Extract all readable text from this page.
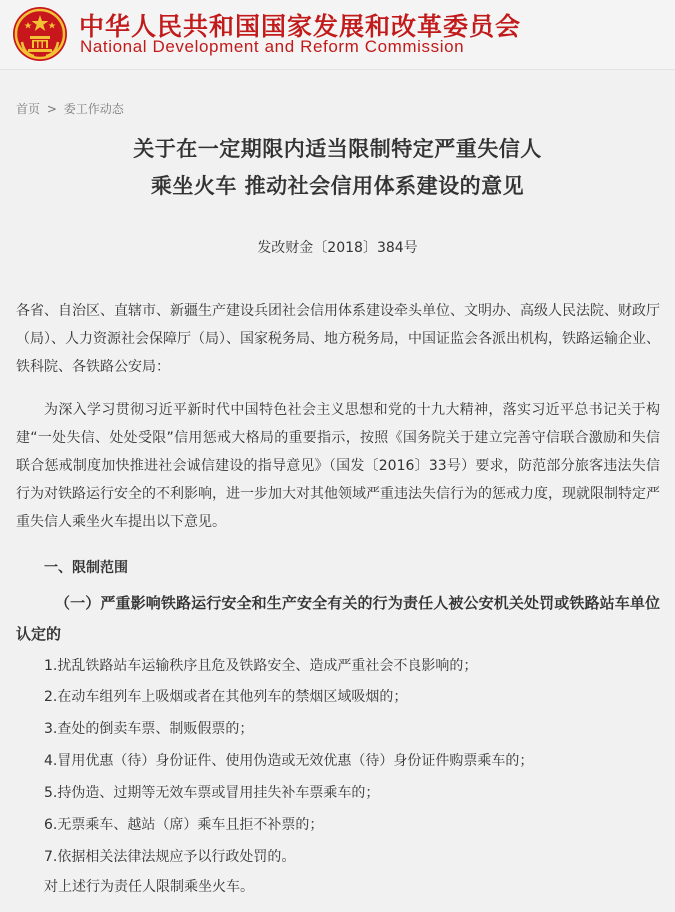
中华人民共和国国家发展和改革委员会
National Development and Reform Commission
首页 > 委工作动态
关于在一定期限内适当限制特定严重失信人
乘坐火车 推动社会信用体系建设的意见
发改财金〔2018〕384号
各省、自治区、直辖市、新疆生产建设兵团社会信用体系建设牵头单位、文明办、高级人民法院、财政厅（局）、人力资源社会保障厅（局）、国家税务局、地方税务局，中国证监会各派出机构，铁路运输企业、铁科院、各铁路公安局：
为深入学习贯彻习近平新时代中国特色社会主义思想和党的十九大精神，落实习近平总书记关于构建“一处失信、处处受限”信用惩戒大格局的重要指示，按照《国务院关于建立完善守信联合激励和失信联合惩戒制度加快推进社会诚信建设的指导意见》（国发〔2016〕33号）要求，防范部分旅客违法失信行为对铁路运行安全的不利影响，进一步加大对其他领域严重违法失信行为的惩戒力度，现就限制特定严重失信人乘坐火车提出以下意见。
一、限制范围
（一）严重影响铁路运行安全和生产安全有关的行为责任人被公安机关处罚或铁路站车单位认定的
1.扰乱铁路站车运输秩序且危及铁路安全、造成严重社会不良影响的；
2.在动车组列车上吸烟或者在其他列车的禁烟区域吸烟的；
3.查处的倒卖车票、制贩假票的；
4.冒用优惠（待）身份证件、使用伪造或无效优惠（待）身份证件购票乘车的；
5.持伪造、过期等无效车票或冒用挂失补车票乘车的；
6.无票乘车、越站（席）乘车且拒不补票的；
7.依据相关法律法规应予以行政处罚的。
对上述行为责任人限制乘坐火车。
